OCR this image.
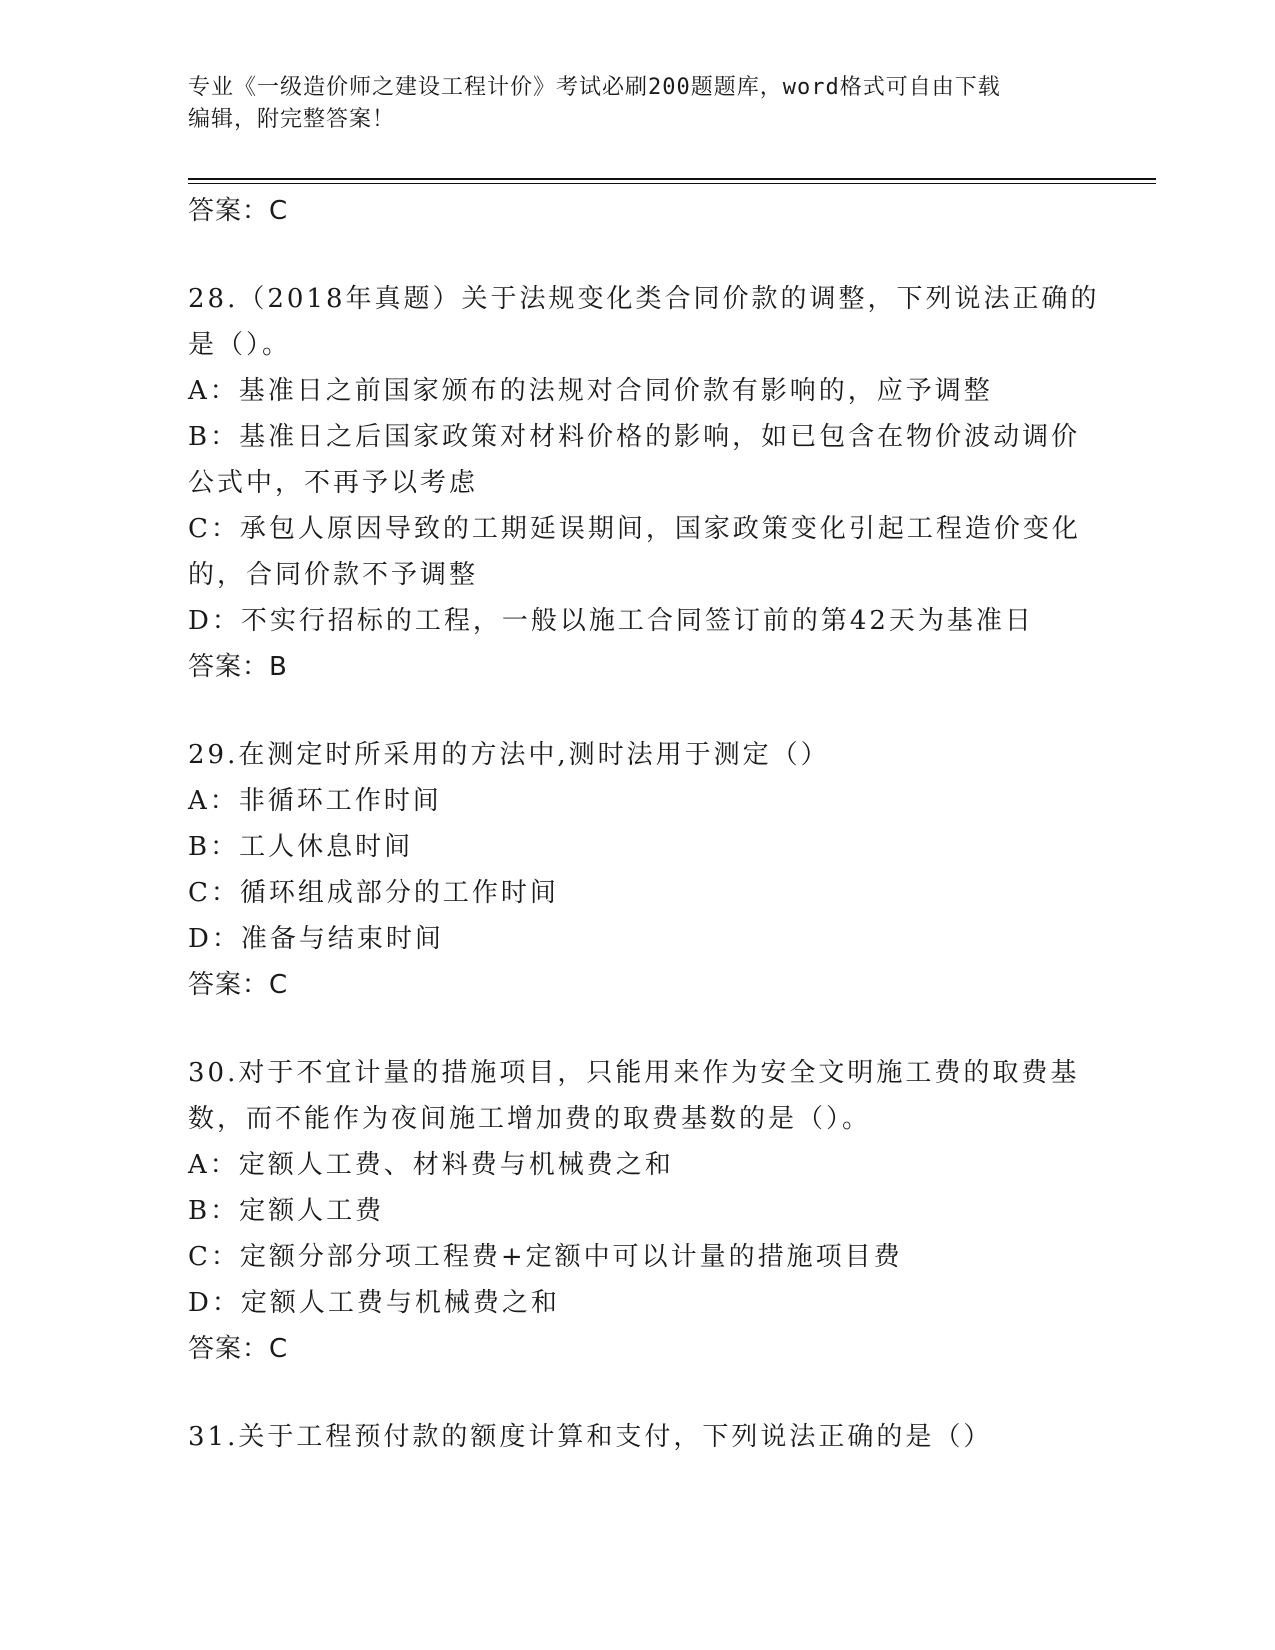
专业《一级造价师之建设工程计价》考试必刷200题题库，word格式可自由下载
编辑，附完整答案！
答案：C
28.（2018年真题）关于法规变化类合同价款的调整，下列说法正确的
是（）。
A：基准日之前国家颁布的法规对合同价款有影响的，应予调整
B：基准日之后国家政策对材料价格的影响，如已包含在物价波动调价
公式中，不再予以考虑
C：承包人原因导致的工期延误期间，国家政策变化引起工程造价变化
的，合同价款不予调整
D：不实行招标的工程，一般以施工合同签订前的第42天为基准日
答案：B
29.在测定时所采用的方法中,测时法用于测定（）
A：非循环工作时间
B：工人休息时间
C：循环组成部分的工作时间
D：准备与结束时间
答案：C
30.对于不宜计量的措施项目，只能用来作为安全文明施工费的取费基
数，而不能作为夜间施工增加费的取费基数的是（）。
A：定额人工费、材料费与机械费之和
B：定额人工费
C：定额分部分项工程费+定额中可以计量的措施项目费
D：定额人工费与机械费之和
答案：C
31.关于工程预付款的额度计算和支付，下列说法正确的是（）
